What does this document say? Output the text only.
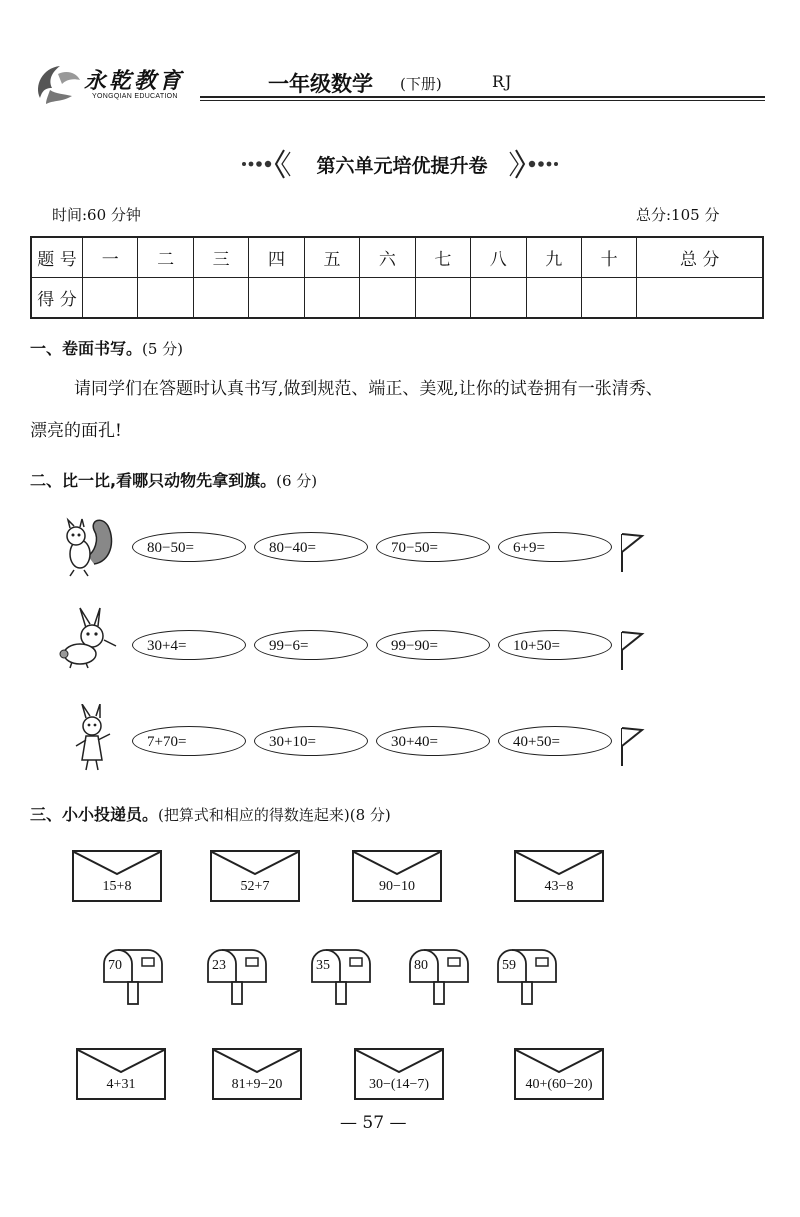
永乾教育
YONGQIAN EDUCATION
一年级数学 (下册)	RJ
第六单元培优提升卷
时间:60 分钟	总分:105 分
题 号	一	二	三	四	五	六	七	八	九	十	总 分
得 分											
一、卷面书写。(5 分)
请同学们在答题时认真书写,做到规范、端正、美观,让你的试卷拥有一张清秀、
漂亮的面孔!
二、比一比,看哪只动物先拿到旗。(6 分)
80−50=	80−40=	70−50=	6+9=
30+4=	99−6=	99−90=	10+50=
7+70=	30+10=	30+40=	40+50=
三、小小投递员。(把算式和相应的得数连起来)(8 分)
15+8	52+7	90−10	43−8
70	23	35	80	59
4+31	81+9−20	30−(14−7)	40+(60−20)
— 57 —
